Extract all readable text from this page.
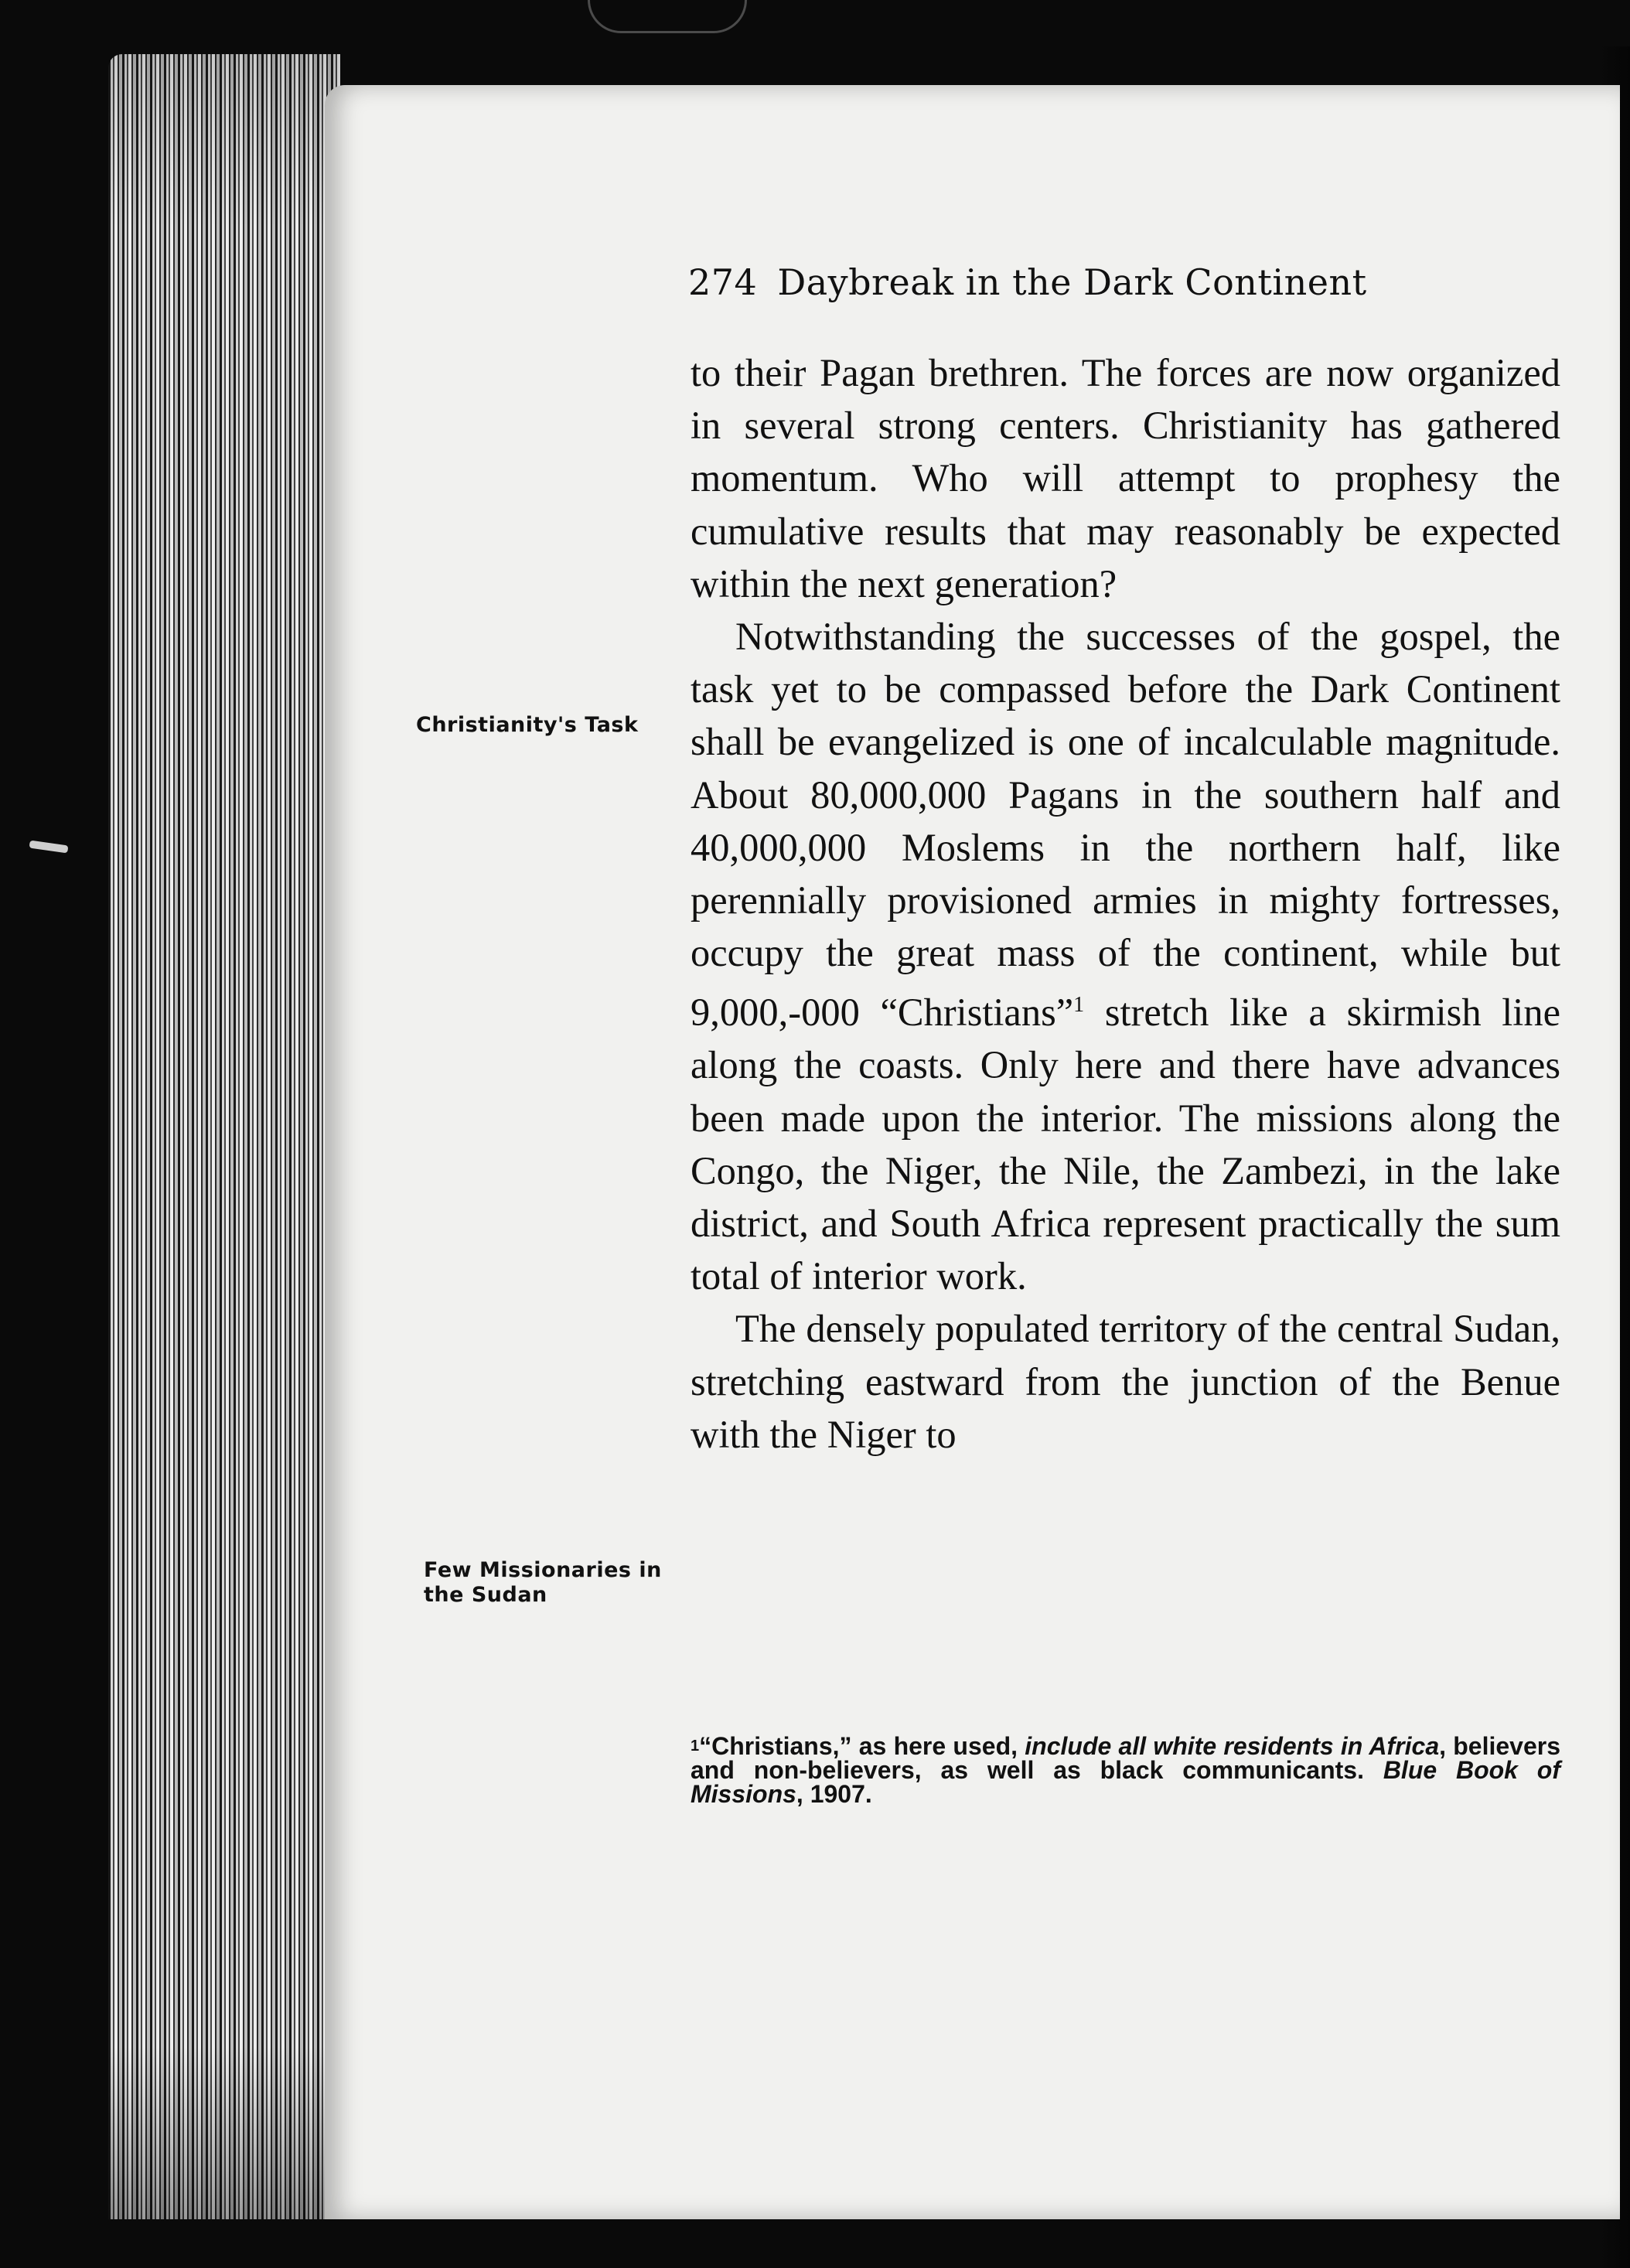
274 Daybreak in the Dark Continent
Christianity's Task
Few Missionaries in the Sudan

to their Pagan brethren. The forces are now organized in several strong centers. Christianity has gathered momentum. Who will attempt to prophesy the cumulative results that may reasonably be expected within the next generation?

Notwithstanding the successes of the gospel, the task yet to be compassed before the Dark Continent shall be evangelized is one of incalculable magnitude. About 80,000,000 Pagans in the southern half and 40,000,000 Moslems in the northern half, like perennially provisioned armies in mighty fortresses, occupy the great mass of the continent, while but 9,000,-000 “Christians”$^1$ stretch like a skirmish line along the coasts. Only here and there have advances been made upon the interior. The missions along the Congo, the Niger, the Nile, the Zambezi, in the lake district, and South Africa represent practically the sum total of interior work.

The densely populated territory of the central Sudan, stretching eastward from the junction of the Benue with the Niger to

$^1$“Christians,” as here used, include all white residents in Africa, believers and non-believers, as well as black communicants. Blue Book of Missions, 1907.
